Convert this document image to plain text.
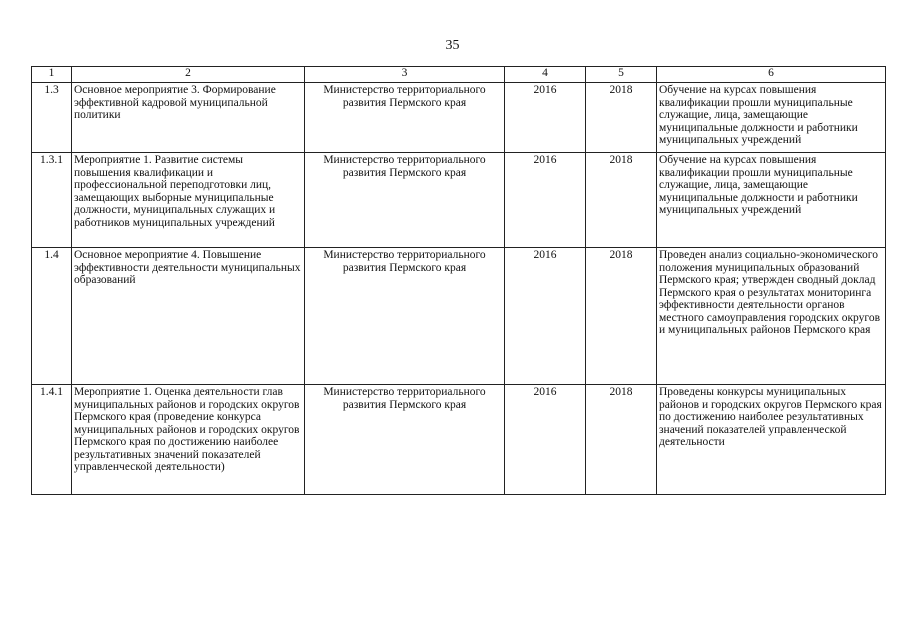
35
1	2	3	4	5	6
1.3	Основное мероприятие 3. Формирование эффективной кадровой муниципальной политики	Министерство территориального развития Пермского края	2016	2018	Обучение на курсах повышения квалификации прошли муниципальные служащие, лица, замещающие муниципальные должности и работники муниципальных учреждений
1.3.1	Мероприятие 1. Развитие системы повышения квалификации и профессиональной переподготовки лиц, замещающих выборные муниципальные должности, муниципальных служащих и работников муниципальных учреждений	Министерство территориального развития Пермского края	2016	2018	Обучение на курсах повышения квалификации прошли муниципальные служащие, лица, замещающие муниципальные должности и работники муниципальных учреждений
1.4	Основное мероприятие 4. Повышение эффективности деятельности муниципальных образований	Министерство территориального развития Пермского края	2016	2018	Проведен анализ социально-экономического положения муниципальных образований Пермского края; утвержден сводный доклад Пермского края о результатах мониторинга эффективности деятельности органов местного самоуправления городских округов и муниципальных районов Пермского края
1.4.1	Мероприятие 1. Оценка деятельности глав муниципальных районов и городских округов Пермского края (проведение конкурса муниципальных районов и городских округов Пермского края по достижению наиболее результативных значений показателей управленческой деятельности)	Министерство территориального развития Пермского края	2016	2018	Проведены конкурсы муниципальных районов и городских округов Пермского края по достижению наиболее результативных значений показателей управленческой деятельности
